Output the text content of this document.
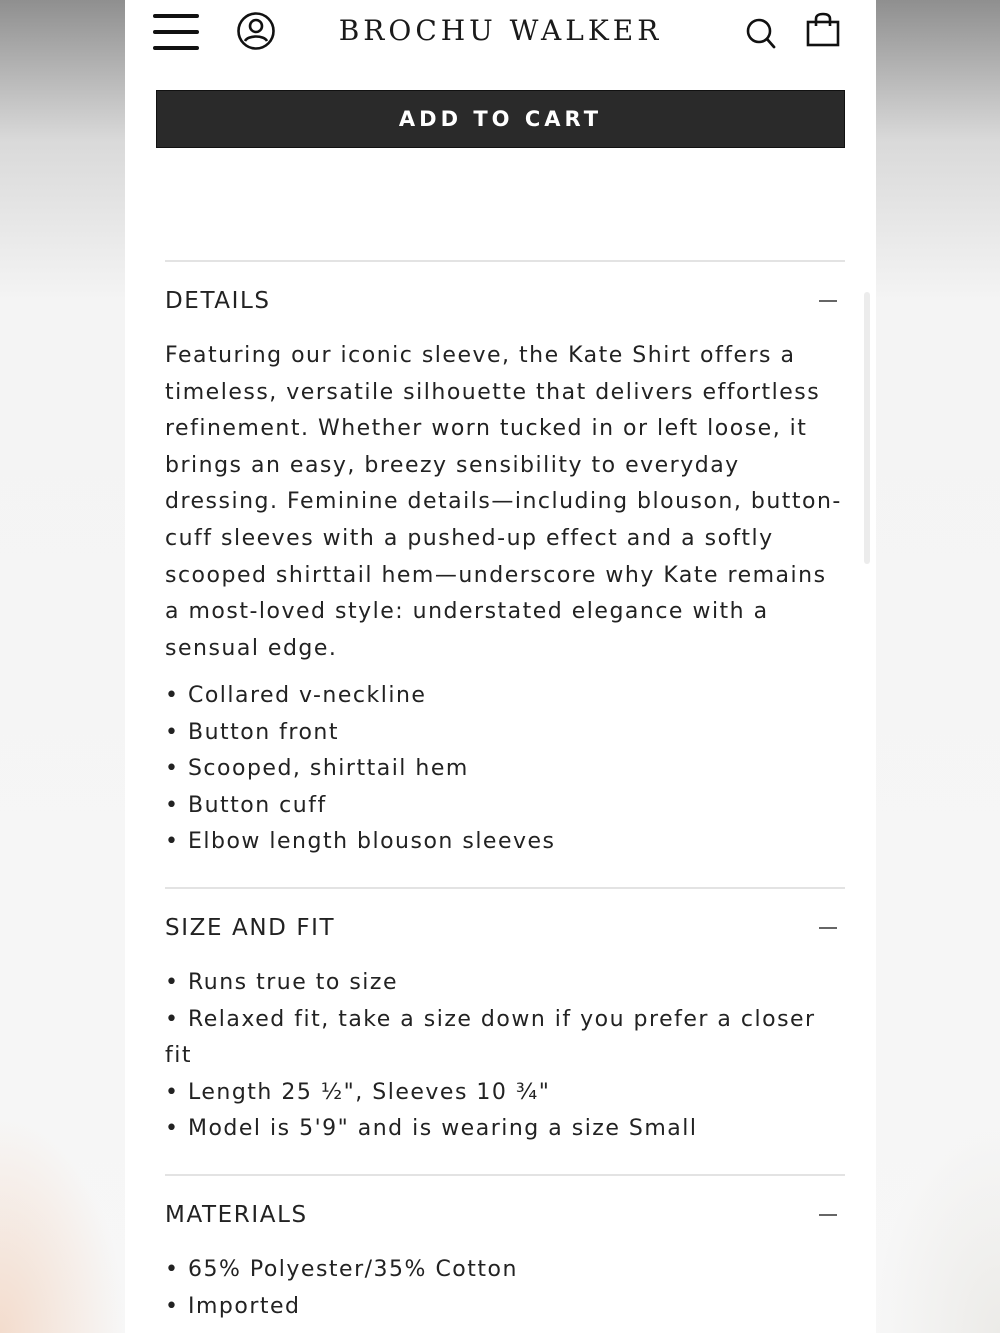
BROCHU WALKER
ADD TO CART
DETAILS

Featuring our iconic sleeve, the Kate Shirt offers a timeless, versatile silhouette that delivers effortless refinement. Whether worn tucked in or left loose, it brings an easy, breezy sensibility to everyday dressing. Feminine details—including blouson, button-cuff sleeves with a pushed-up effect and a softly scooped shirttail hem—underscore why Kate remains a most-loved style: understated elegance with a sensual edge.

• Collared v-neckline
• Button front
• Scooped, shirttail hem
• Button cuff
• Elbow length blouson sleeves
SIZE AND FIT
• Runs true to size
• Relaxed fit, take a size down if you prefer a closer fit
• Length 25 ½", Sleeves 10 ¾"
• Model is 5'9" and is wearing a size Small
MATERIALS
• 65% Polyester/35% Cotton
• Imported
